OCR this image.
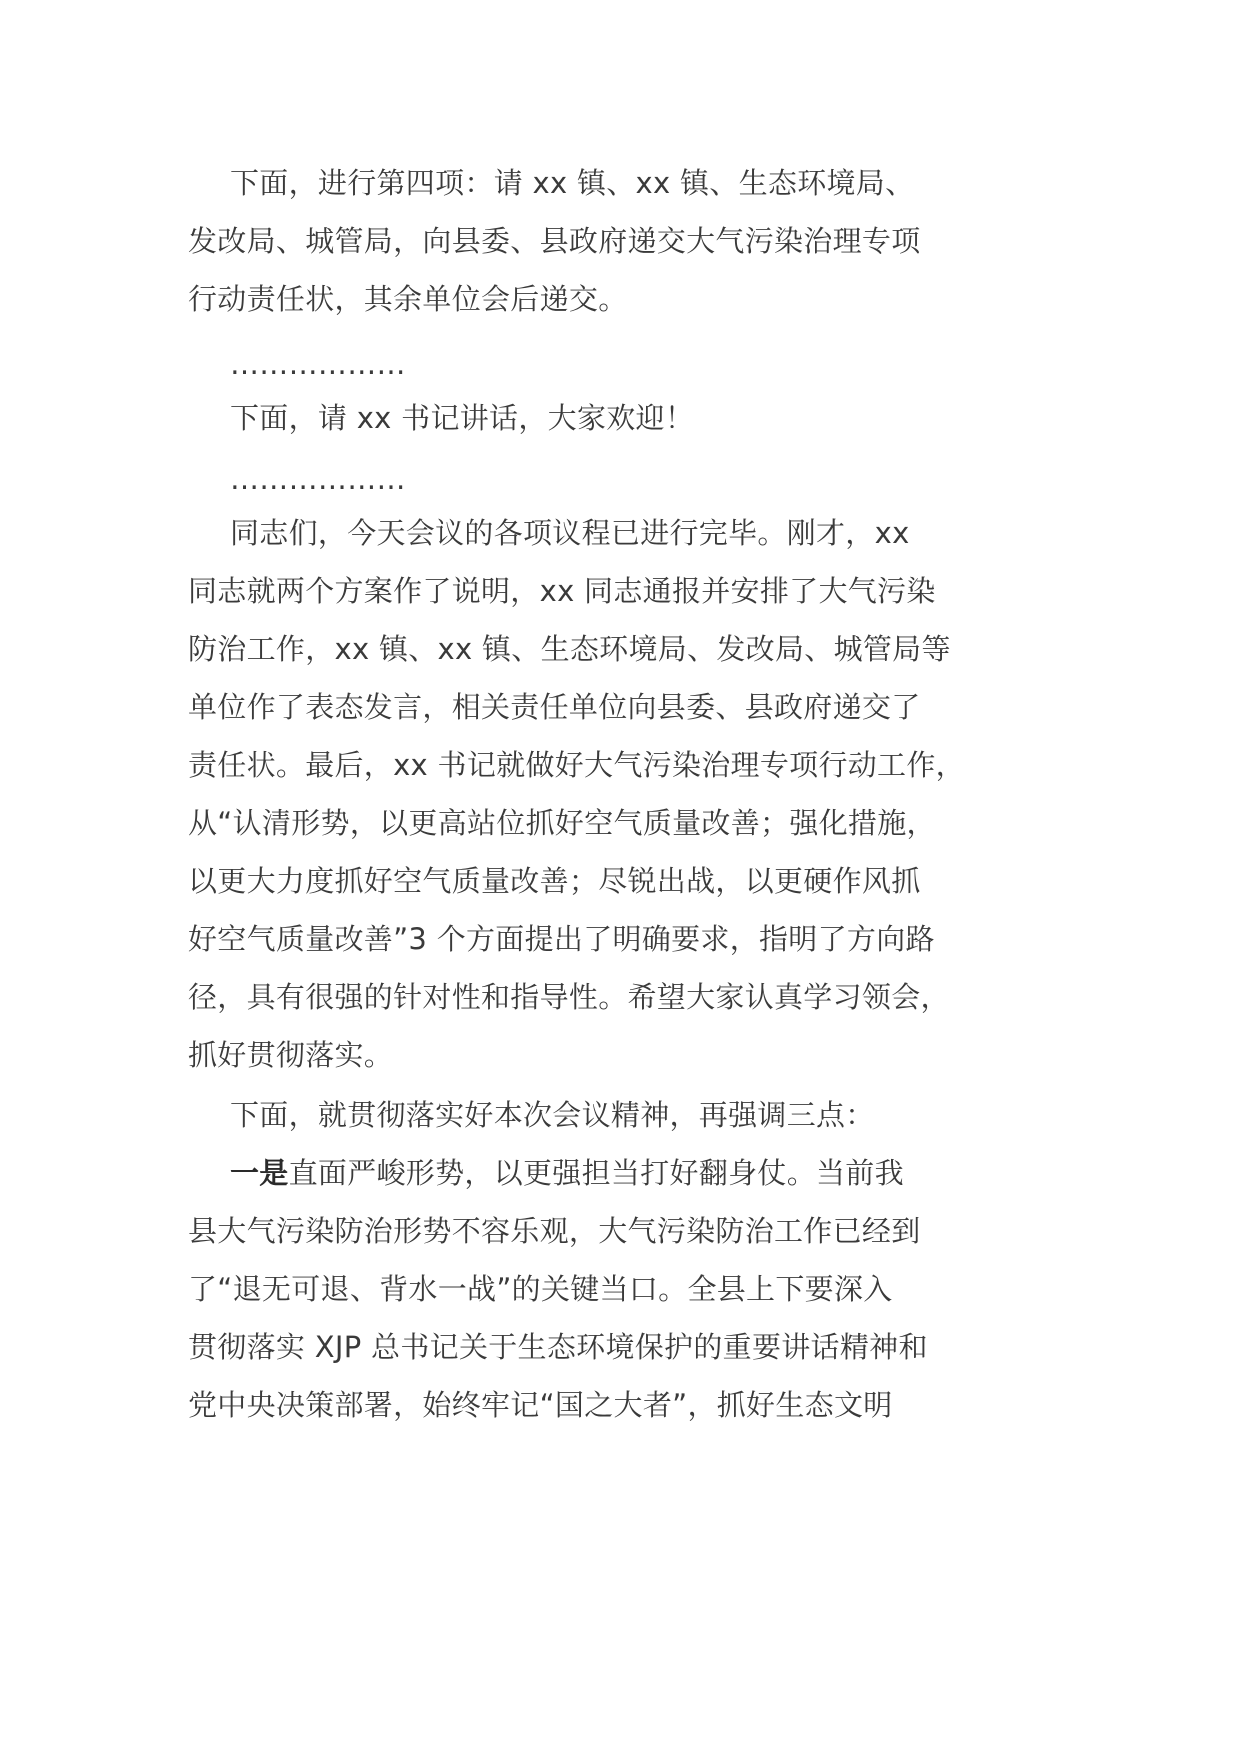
下面，进行第四项：请 xx 镇、xx 镇、生态环境局、
发改局、城管局，向县委、县政府递交大气污染治理专项
行动责任状，其余单位会后递交。
………………
下面，请 xx 书记讲话，大家欢迎！
………………
同志们，今天会议的各项议程已进行完毕。刚才，xx
同志就两个方案作了说明，xx 同志通报并安排了大气污染
防治工作，xx 镇、xx 镇、生态环境局、发改局、城管局等
单位作了表态发言，相关责任单位向县委、县政府递交了
责任状。最后，xx 书记就做好大气污染治理专项行动工作，
从“认清形势，以更高站位抓好空气质量改善；强化措施，
以更大力度抓好空气质量改善；尽锐出战，以更硬作风抓
好空气质量改善”3 个方面提出了明确要求，指明了方向路
径，具有很强的针对性和指导性。希望大家认真学习领会，
抓好贯彻落实。
下面，就贯彻落实好本次会议精神，再强调三点：
一是直面严峻形势，以更强担当打好翻身仗。当前我
县大气污染防治形势不容乐观，大气污染防治工作已经到
了“退无可退、背水一战”的关键当口。全县上下要深入
贯彻落实 XJP 总书记关于生态环境保护的重要讲话精神和
党中央决策部署，始终牢记“国之大者”，抓好生态文明
